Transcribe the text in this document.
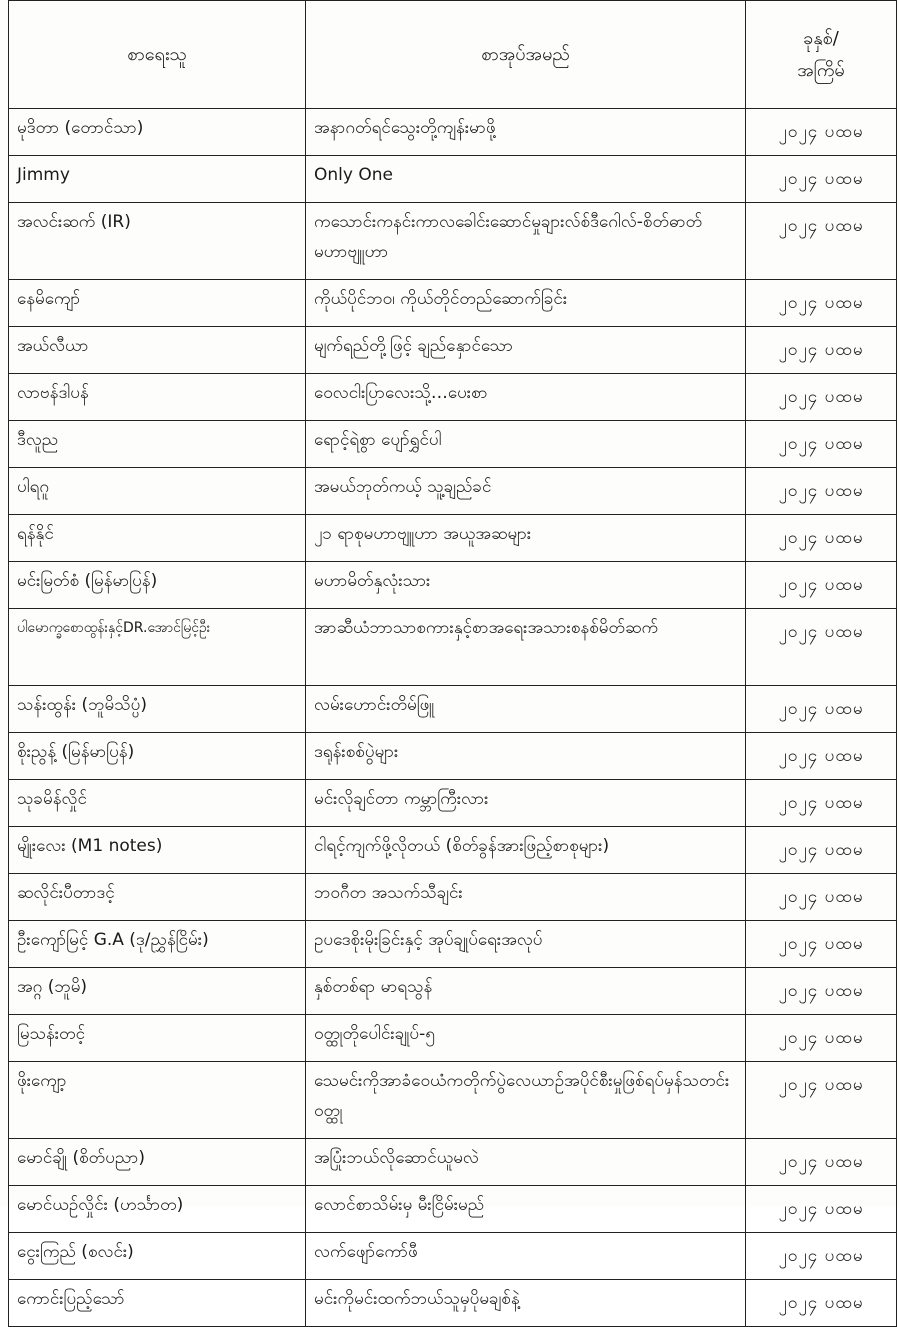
စာရေးသူ	စာအုပ်အမည်	ခုနှစ်/
အကြိမ်

မုဒိတာ (တောင်သာ)	အနာဂတ်ရင်သွေးတို့ကျန်းမာဖို့	၂၀၂၄ ပထမ
Jimmy	Only One	၂၀၂၄ ပထမ
အလင်းဆက် (IR)	ကသောင်းကနင်းကာလခေါင်းဆောင်မှုချားလ်စ်ဒီဂေါလ်-စိတ်ဓာတ်မဟာဗျူဟာ	၂၀၂၄ ပထမ
နေမိကျော်	ကိုယ်ပိုင်ဘဝ၊ ကိုယ်တိုင်တည်ဆောက်ခြင်း	၂၀၂၄ ပထမ
အယ်လီယာ	မျက်ရည်တို့ဖြင့် ချည်နှောင်သော	၂၀၂၄ ပထမ
လာဗန်ဒါပန်	ဝေလငါးပြာလေးသို့…ပေးစာ	၂၀၂၄ ပထမ
ဒီလူည	ရောင့်ရဲစွာ ပျော်ရွှင်ပါ	၂၀၂၄ ပထမ
ပါရဂူ	အမယ်ဘုတ်ကယ့် သူ့ချည်ခင်	၂၀၂၄ ပထမ
ရန်နိုင်	၂၁ ရာစုမဟာဗျူဟာ အယူအဆများ	၂၀၂၄ ပထမ
မင်းမြတ်စံ (မြန်မာပြန်)	မဟာမိတ်နှလုံးသား	၂၀၂၄ ပထမ
ပါမောက္ခစောထွန်းနှင့်DR.အောင်မြင့်ဦး	အာဆီယံဘာသာစကားနှင့်စာအရေးအသားစနစ်မိတ်ဆက်	၂၀၂၄ ပထမ
သန်းထွန်း (ဘူမိသိပ္ပံ)	လမ်းဟောင်းတိမ်ဖြူ	၂၀၂၄ ပထမ
စိုးညွန့် (မြန်မာပြန်)	ဒရုန်းစစ်ပွဲများ	၂၀၂၄ ပထမ
သုခမိန်လှိုင်	မင်းလိုချင်တာ ကမ္ဘာကြီးလား	၂၀၂၄ ပထမ
မျိုးလေး (M1 notes)	ငါရင့်ကျက်ဖို့လိုတယ် (စိတ်ခွန်အားဖြည့်စာစုများ)	၂၀၂၄ ပထမ
ဆလိုင်းပီတာဒင့်	ဘဝဂီတ အသက်သီချင်း	၂၀၂၄ ပထမ
ဦးကျော်မြင့် G.A (ဒု/ညွှန်ငြိမ်း)	ဥပဒေစိုးမိုးခြင်းနှင့် အုပ်ချုပ်ရေးအလုပ်	၂၀၂၄ ပထမ
အဂ္ဂ (ဘူမိ)	နှစ်တစ်ရာ မာရသွန်	၂၀၂၄ ပထမ
မြသန်းတင့်	ဝတ္ထုတိုပေါင်းချုပ်-၅	၂၀၂၄ ပထမ
ဖိုးကျော့	သေမင်းကိုအာခံဝေယံကတိုက်ပွဲလေယာဉ်အပိုင်စီးမှုဖြစ်ရပ်မှန်သတင်းဝတ္ထု	၂၀၂၄ ပထမ
မောင်ချို (စိတ်ပညာ)	အပြုံးဘယ်လိုဆောင်ယူမလဲ	၂၀၂၄ ပထမ
မောင်ယဉ်လှိုင်း (ဟင်္သာတ)	လောင်စာသိမ်းမှ မီးငြိမ်းမည်	၂၀၂၄ ပထမ
ငွေးကြည် (စလင်း)	လက်ဖျော်ကော်ဖီ	၂၀၂၄ ပထမ
ကောင်းပြည့်သော်	မင်းကိုမင်းထက်ဘယ်သူမှပိုမချစ်နဲ့	၂၀၂၄ ပထမ
